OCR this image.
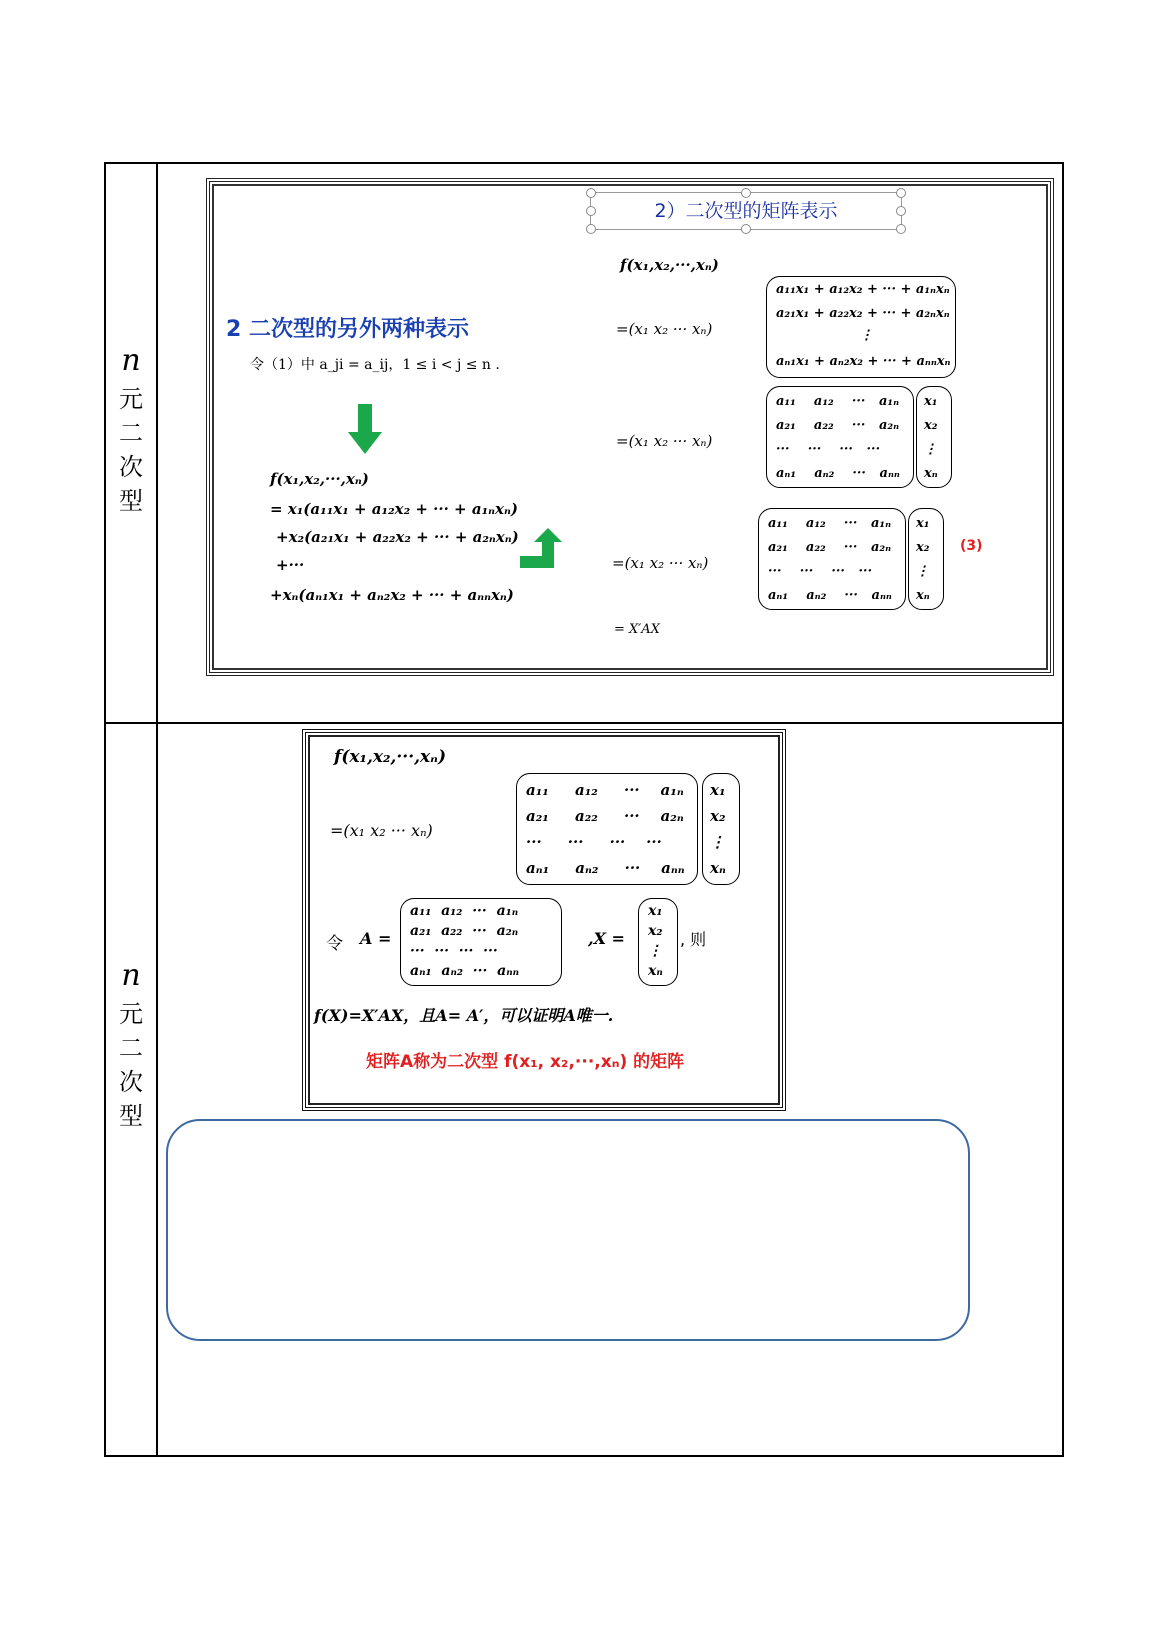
n
元
二
次
型
n
元
二
次
型
2）二次型的矩阵表示
2 二次型的另外两种表示
令（1）中 a_ji = a_ij，1 ≤ i < j ≤ n .
f(x₁,x₂,···,xₙ)
= x₁(a₁₁x₁ + a₁₂x₂ + ··· + a₁ₙxₙ)
+x₂(a₂₁x₁ + a₂₂x₂ + ··· + a₂ₙxₙ)
+···
+xₙ(aₙ₁x₁ + aₙ₂x₂ + ··· + aₙₙxₙ)
f(x₁,x₂,···,xₙ)
=(x₁ x₂ ··· xₙ)
a₁₁x₁ + a₁₂x₂ + ··· + a₁ₙxₙ
a₂₁x₁ + a₂₂x₂ + ··· + a₂ₙxₙ
⋮
aₙ₁x₁ + aₙ₂x₂ + ··· + aₙₙxₙ
=(x₁ x₂ ··· xₙ)
a₁₁ a₁₂ ··· a₁ₙ
a₂₁ a₂₂ ··· a₂ₙ
··· ··· ··· ···
aₙ₁ aₙ₂ ··· aₙₙ
x₁
x₂
⋮
xₙ
=(x₁ x₂ ··· xₙ)
a₁₁ a₁₂ ··· a₁ₙ
a₂₁ a₂₂ ··· a₂ₙ
··· ··· ··· ···
aₙ₁ aₙ₂ ··· aₙₙ
x₁
x₂
⋮
xₙ
(3)
= X′AX
f(x₁,x₂,···,xₙ)
=(x₁ x₂ ··· xₙ)
a₁₁ a₁₂ ··· a₁ₙ
a₂₁ a₂₂ ··· a₂ₙ
··· ··· ··· ···
aₙ₁ aₙ₂ ··· aₙₙ
x₁
x₂
⋮
xₙ
令 A =
a₁₁ a₁₂ ··· a₁ₙ
a₂₁ a₂₂ ··· a₂ₙ
··· ··· ··· ···
aₙ₁ aₙ₂ ··· aₙₙ
,X =
x₁
x₂
⋮
xₙ
, 则
f(X)=X′AX，且A= A′，可以证明A唯一.
矩阵A称为二次型 f(x₁, x₂,···,xₙ) 的矩阵
